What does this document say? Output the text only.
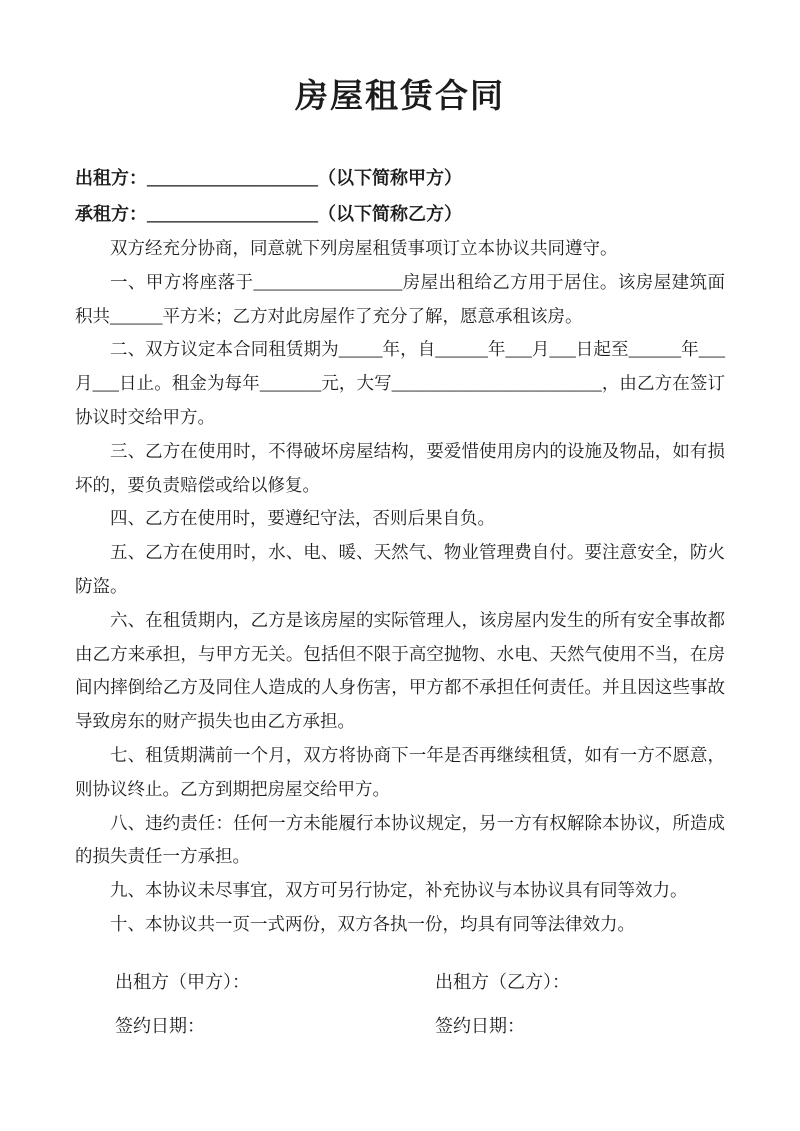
房屋租赁合同
出租方：___________________（以下简称甲方）
承租方：___________________（以下简称乙方）

双方经充分协商，同意就下列房屋租赁事项订立本协议共同遵守。

一、甲方将座落于_________________房屋出租给乙方用于居住。该房屋建筑面积共______平方米；乙方对此房屋作了充分了解，愿意承租该房。

二、双方议定本合同租赁期为_____年，自______年___月___日起至______年___月___日止。租金为每年_______元，大写________________________，由乙方在签订协议时交给甲方。

三、乙方在使用时，不得破坏房屋结构，要爱惜使用房内的设施及物品，如有损坏的，要负责赔偿或给以修复。

四、乙方在使用时，要遵纪守法，否则后果自负。

五、乙方在使用时，水、电、暖、天然气、物业管理费自付。要注意安全，防火防盗。

六、在租赁期内，乙方是该房屋的实际管理人，该房屋内发生的所有安全事故都由乙方来承担，与甲方无关。包括但不限于高空抛物、水电、天然气使用不当，在房间内摔倒给乙方及同住人造成的人身伤害，甲方都不承担任何责任。并且因这些事故导致房东的财产损失也由乙方承担。

七、租赁期满前一个月，双方将协商下一年是否再继续租赁，如有一方不愿意，则协议终止。乙方到期把房屋交给甲方。

八、违约责任：任何一方未能履行本协议规定，另一方有权解除本协议，所造成的损失责任一方承担。

九、本协议未尽事宜，双方可另行协定，补充协议与本协议具有同等效力。

十、本协议共一页一式两份，双方各执一份，均具有同等法律效力。

出租方（甲方）：

签约日期：

出租方（乙方）：

签约日期：
